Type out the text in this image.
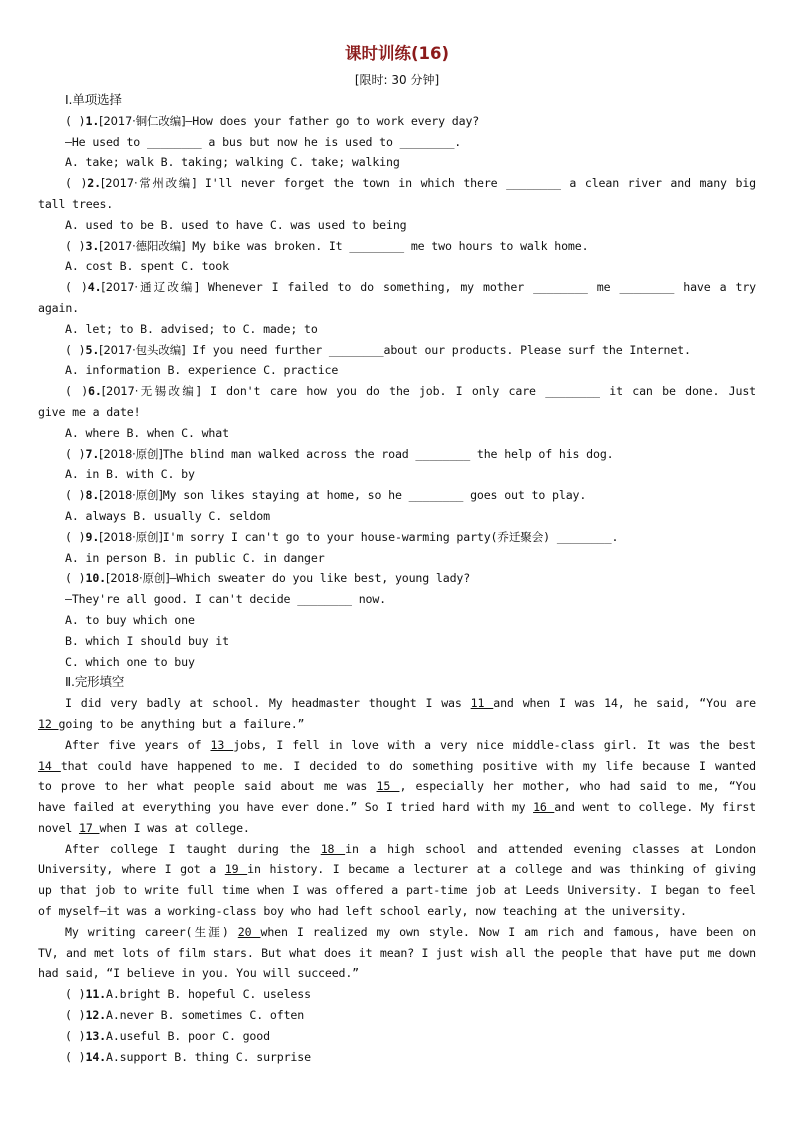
课时训练(16)
[限时: 30 分钟]
Ⅰ.单项选择
( )1.[2017·铜仁改编]—How does your father go to work every day?
—He used to ________ a bus but now he is used to ________.
A. take; walk B. taking; walking C. take; walking
( )2.[2017·常州改编] I'll never forget the town in which there ________ a clean river and many big
tall trees.
A. used to be B. used to have C. was used to being
( )3.[2017·德阳改编] My bike was broken. It ________ me two hours to walk home.
A. cost B. spent C. took
( )4.[2017·通辽改编] Whenever I failed to do something, my mother ________ me ________ have a try
again.
A. let; to B. advised; to C. made; to
( )5.[2017·包头改编] If you need further ________about our products. Please surf the Internet.
A. information B. experience C. practice
( )6.[2017·无锡改编] I don't care how you do the job. I only care ________ it can be done. Just
give me a date!
A. where B. when C. what
( )7.[2018·原创]The blind man walked across the road ________ the help of his dog.
A. in B. with C. by
( )8.[2018·原创]My son likes staying at home, so he ________ goes out to play.
A. always B. usually C. seldom
( )9.[2018·原创]I'm sorry I can't go to your house-warming party(乔迁聚会) ________.
A. in person B. in public C. in danger
( )10.[2018·原创]—Which sweater do you like best, young lady?
—They're all good. I can't decide ________ now.
A. to buy which one
B. which I should buy it
C. which one to buy
Ⅱ.完形填空
I did very badly at school. My headmaster thought I was 11 and when I was 14, he said, “You are
12 going to be anything but a failure.”
After five years of 13 jobs, I fell in love with a very nice middle-class girl. It was the best
14 that could have happened to me. I decided to do something positive with my life because I wanted
to prove to her what people said about me was 15 , especially her mother, who had said to me, “You
have failed at everything you have ever done.” So I tried hard with my 16 and went to college. My first
novel 17 when I was at college.
After college I taught during the 18 in a high school and attended evening classes at London
University, where I got a 19 in history. I became a lecturer at a college and was thinking of giving
up that job to write full time when I was offered a part-time job at Leeds University. I began to feel
of myself—it was a working-class boy who had left school early, now teaching at the university.
My writing career(生涯) 20 when I realized my own style. Now I am rich and famous, have been on
TV, and met lots of film stars. But what does it mean? I just wish all the people that have put me down
had said, “I believe in you. You will succeed.”
( )11.A.bright B. hopeful C. useless
( )12.A.never B. sometimes C. often
( )13.A.useful B. poor C. good
( )14.A.support B. thing C. surprise
